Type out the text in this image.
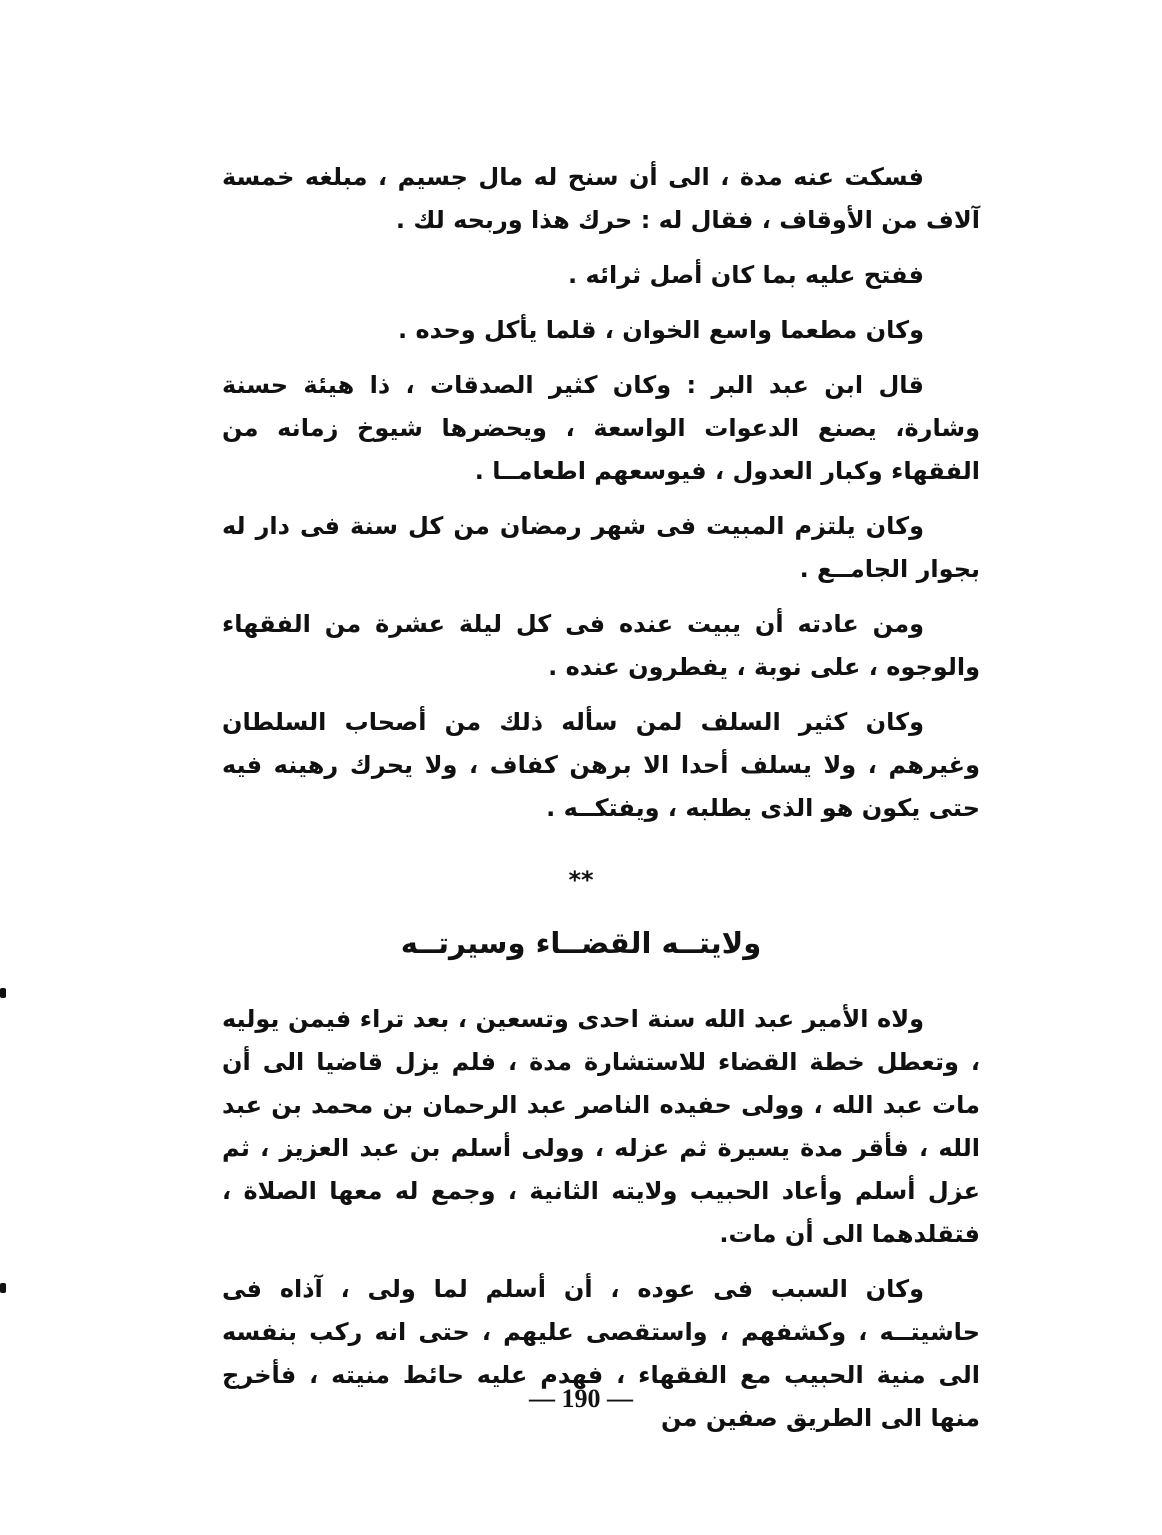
فسكت عنه مدة ، الى أن سنح له مال جسيم ، مبلغه خمسة آلاف من الأوقاف ، فقال له : حرك هذا وربحه لك .

ففتح عليه بما كان أصل ثرائه .

وكان مطعما واسع الخوان ، قلما يأكل وحده .

قال ابن عبد البر : وكان كثير الصدقات ، ذا هيئة حسنة وشارة، يصنع الدعوات الواسعة ، ويحضرها شيوخ زمانه من الفقهاء وكبار العدول ، فيوسعهم اطعامــا .

وكان يلتزم المبيت فى شهر رمضان من كل سنة فى دار له بجوار الجامــع .

ومن عادته أن يبيت عنده فى كل ليلة عشرة من الفقهاء والوجوه ، على نوبة ، يفطرون عنده .

وكان كثير السلف لمن سأله ذلك من أصحاب السلطان وغيرهم ، ولا يسلف أحدا الا برهن كفاف ، ولا يحرك رهينه فيه حتى يكون هو الذى يطلبه ، ويفتكــه .

**
ولايتــه القضــاء وسيرتــه

ولاه الأمير عبد الله سنة احدى وتسعين ، بعد تراء فيمن يوليه ، وتعطل خطة القضاء للاستشارة مدة ، فلم يزل قاضيا الى أن مات عبد الله ، وولى حفيده الناصر عبد الرحمان بن محمد بن عبد الله ، فأقر مدة يسيرة ثم عزله ، وولى أسلم بن عبد العزيز ، ثم عزل أسلم وأعاد الحبيب ولايته الثانية ، وجمع له معها الصلاة ، فتقلدهما الى أن مات.

وكان السبب فى عوده ، أن أسلم لما ولى ، آذاه فى حاشيتــه ، وكشفهم ، واستقصى عليهم ، حتى انه ركب بنفسه الى منية الحبيب مع الفقهاء ، فهدم عليه حائط منيته ، فأخرج منها الى الطريق صفين من

— 190 —
